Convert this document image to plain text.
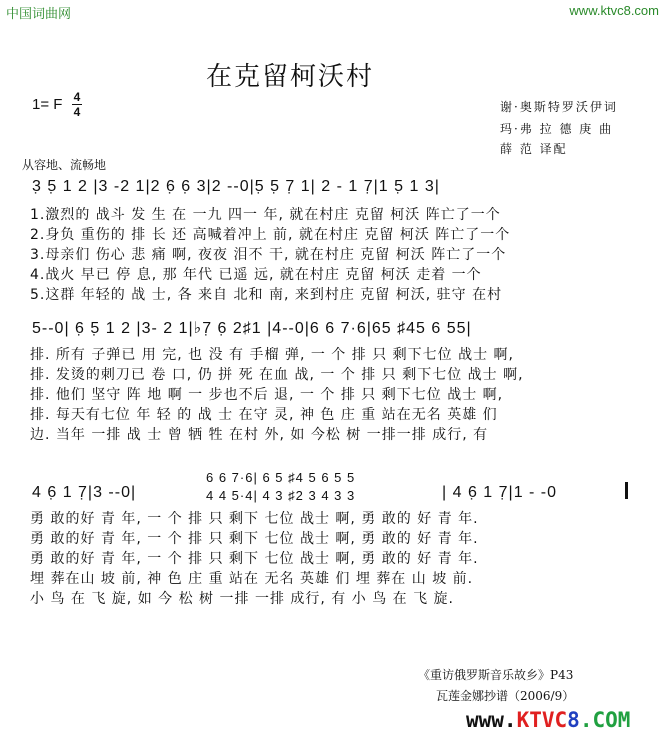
中国词曲网	www.ktvc8.com
在克留柯沃村
1= F 4
4	谢·奥斯特罗沃伊词
玛·弗 拉 德 庚 曲
薛 范 译配
从容地、流畅地
3̣ 5̣ 1 2 |3 -2 1|2 6̣ 6̣ 3|2 --0|5̣ 5̣ 7̣ 1| 2 - 1 7̣|1 5̣ 1 3|
1.激烈的 战斗 发 生 在 一九 四一 年, 就在村庄 克留 柯沃 阵亡了一个
2.身负 重伤的 排 长 还 高喊着冲上 前, 就在村庄 克留 柯沃 阵亡了一个
3.母亲们 伤心 悲 痛 啊, 夜夜 泪不 干, 就在村庄 克留 柯沃 阵亡了一个
4.战火 早已 停 息, 那 年代 已遥 远, 就在村庄 克留 柯沃 走着 一个
5.这群 年轻的 战 士, 各 来自 北和 南, 来到村庄 克留 柯沃, 驻守 在村
5--0| 6̣ 5̣ 1 2 |3- 2 1|♭7̣ 6̣ 2♯1 |4--0|6 6 7·6|65 ♯45 6 55|
排. 所有 子弹已 用 完, 也 没 有 手榴 弹, 一 个 排 只 剩下七位 战士 啊,
排. 发烫的刺刀已 卷 口, 仍 拼 死 在血 战, 一 个 排 只 剩下七位 战士 啊,
排. 他们 坚守 阵 地 啊 一 步也不后 退, 一 个 排 只 剩下七位 战士 啊,
排. 每天有七位 年 轻 的 战 士 在守 灵, 神 色 庄 重 站在无名 英雄 们
边. 当年 一排 战 士 曾 牺 牲 在村 外, 如 今松 树 一排一排 成行, 有
4 6̣ 1 7̣|3 --0|
6 6 7·6| 6 5 ♯4 5 6 5 5
4 4 5·4| 4 3 ♯2 3 4 3 3	| 4 6̣ 1 7̣|1 - -0
勇 敢的好 青 年, 一 个 排 只 剩下 七位 战士 啊, 勇 敢的 好 青 年.
勇 敢的好 青 年, 一 个 排 只 剩下 七位 战士 啊, 勇 敢的 好 青 年.
勇 敢的好 青 年, 一 个 排 只 剩下 七位 战士 啊, 勇 敢的 好 青 年.
埋 葬在山 坡 前, 神 色 庄 重 站在 无名 英雄 们 埋 葬在 山 坡 前.
小 鸟 在 飞 旋, 如 今 松 树 一排 一排 成行, 有 小 鸟 在 飞 旋.
《重访俄罗斯音乐故乡》P43
瓦莲金娜抄谱（2006/9）
www.KTVC8.COM
